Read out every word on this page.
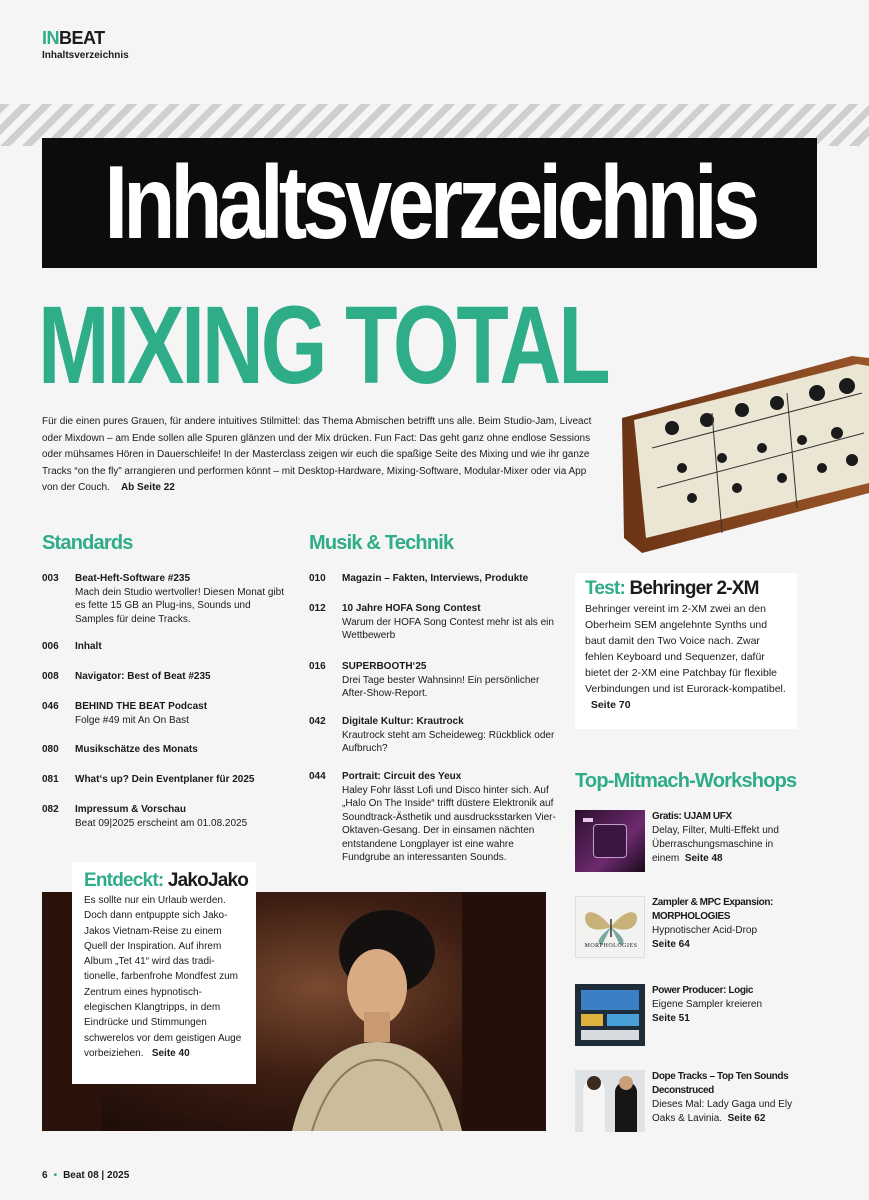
INBEAT
Inhaltsverzeichnis
Inhaltsverzeichnis
MIXING TOTAL
Für die einen pures Grauen, für andere intuitives Stilmittel: das Thema Abmischen betrifft uns alle. Beim Studio-Jam, Liveact oder Mixdown – am Ende sollen alle Spuren glänzen und der Mix drücken. Fun Fact: Das geht ganz ohne endlose Sessions oder mühsames Hören in Dauerschleife! In der Masterclass zeigen wir euch die spaßige Seite des Mixing und wie ihr ganze Tracks “on the fly” arrangieren und performen könnt – mit Desktop-Hardware, Mixing-Software, Modular-Mixer oder via App von der Couch. Ab Seite 22
Standards
003	Beat-Heft-Software #235
Mach dein Studio wertvoller! Diesen Monat gibt es fette 15 GB an Plug-ins, Sounds und Samples für deine Tracks.
006	Inhalt
008	Navigator: Best of Beat #235
046	BEHIND THE BEAT Podcast
Folge #49 mit An On Bast
080	Musikschätze des Monats
081	What‘s up? Dein Eventplaner für 2025
082	Impressum & Vorschau
Beat 09|2025 erscheint am 01.08.2025
Musik & Technik
010	Magazin – Fakten, Interviews, Produkte
012	10 Jahre HOFA Song Contest
Warum der HOFA Song Contest mehr ist als ein Wettbewerb
016	SUPERBOOTH‘25
Drei Tage bester Wahnsinn! Ein persönlicher After-Show-Report.
042	Digitale Kultur: Krautrock
Krautrock steht am Scheideweg: Rückblick oder Aufbruch?
044	Portrait: Circuit des Yeux
Haley Fohr lässt Lofi und Disco hinter sich. Auf „Halo On The Inside“ trifft düstere Elektronik auf Soundtrack-Ästhetik und ausdrucksstarken Vier-Oktaven-Gesang. Der in einsamen nächten entstandene Longplayer ist eine wahre Fundgrube an interessanten Sounds.
Test: Behringer 2-XM

Behringer vereint im 2-XM zwei an den Oberheim SEM angelehnte Synths und baut damit den Two Voice nach. Zwar fehlen Keyboard und Sequenzer, dafür bietet der 2-XM eine Patchbay für flexible Verbindungen und ist Eurorack-kompatibel.   Seite 70

Top-Mitmach-Workshops
Gratis: UJAM UFX
Delay, Filter, Multi-Effekt und Überraschungsmaschine in einem Seite 48
MORPHOLOGIES
Zampler & MPC Expansion: MORPHOLOGIES
Hypnotischer Acid-Drop
Seite 64
Power Producer: Logic
Eigene Sampler kreieren
Seite 51
Dope Tracks – Top Ten Sounds Deconstruced
Dieses Mal: Lady Gaga und Ely Oaks & Lavinia. Seite 62
Entdeckt: JakoJako

Es sollte nur ein Urlaub werden. Doch dann entpuppte sich JakoJakos Vietnam-Reise zu einem Quell der Inspiration. Auf ihrem Album „Tet 41“ wird das traditionelle, farbenfrohe Mondfest zum Zentrum eines hypnotisch-elegischen Klangtripps, in dem Eindrücke und Stimmungen schwerelos vor dem geistigen Auge vorbeiziehen. Seite 40

6 • Beat 08 | 2025
